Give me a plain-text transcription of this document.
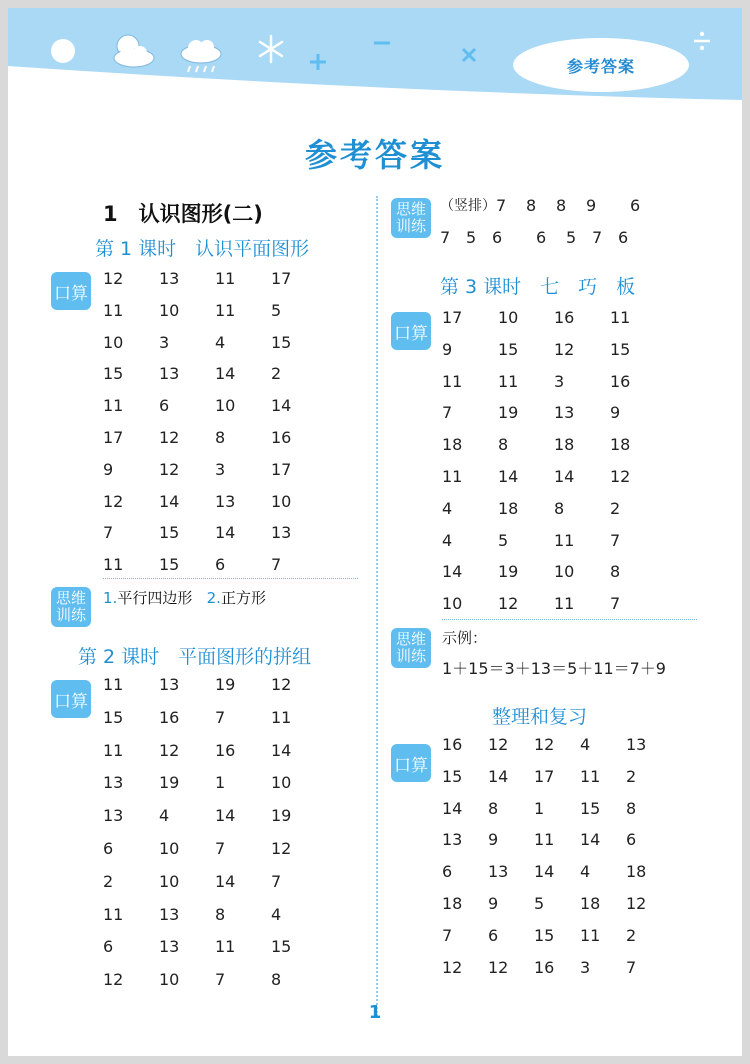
参考答案
参考答案
1　认识图形(二)
第 1 课时　认识平面图形
口算
12	13	11	17
11	10	11	5
10	3	4	15
15	13	14	2
11	6	10	14
17	12	8	16
9	12	3	17
12	14	13	10
7	15	14	13
11	15	6	7
思维
训练
1.平行四边形 2.正方形
第 2 课时　平面图形的拼组
口算
11	13	19	12
15	16	7	11
11	12	16	14
13	19	1	10
13	4	14	19
6	10	7	12
2	10	14	7
11	13	8	4
6	13	11	15
12	10	7	8
思维
训练
（竖排） 7	8	8	9	6
7 5 6	6	5 7 6
第 3 课时　七　巧　板
口算
17	10	16	11
9	15	12	15
11	11	3	16
7	19	13	9
18	8	18	18
11	14	14	12
4	18	8	2
4	5	11	7
14	19	10	8
10	12	11	7
思维
训练
示例：
1＋15＝3＋13＝5＋11＝7＋9
整理和复习
口算
16	12	12	4	13
15	14	17	11	2
14	8	1	15	8
13	9	11	14	6
6	13	14	4	18
18	9	5	18	12
7	6	15	11	2
12	12	16	3	7
1
